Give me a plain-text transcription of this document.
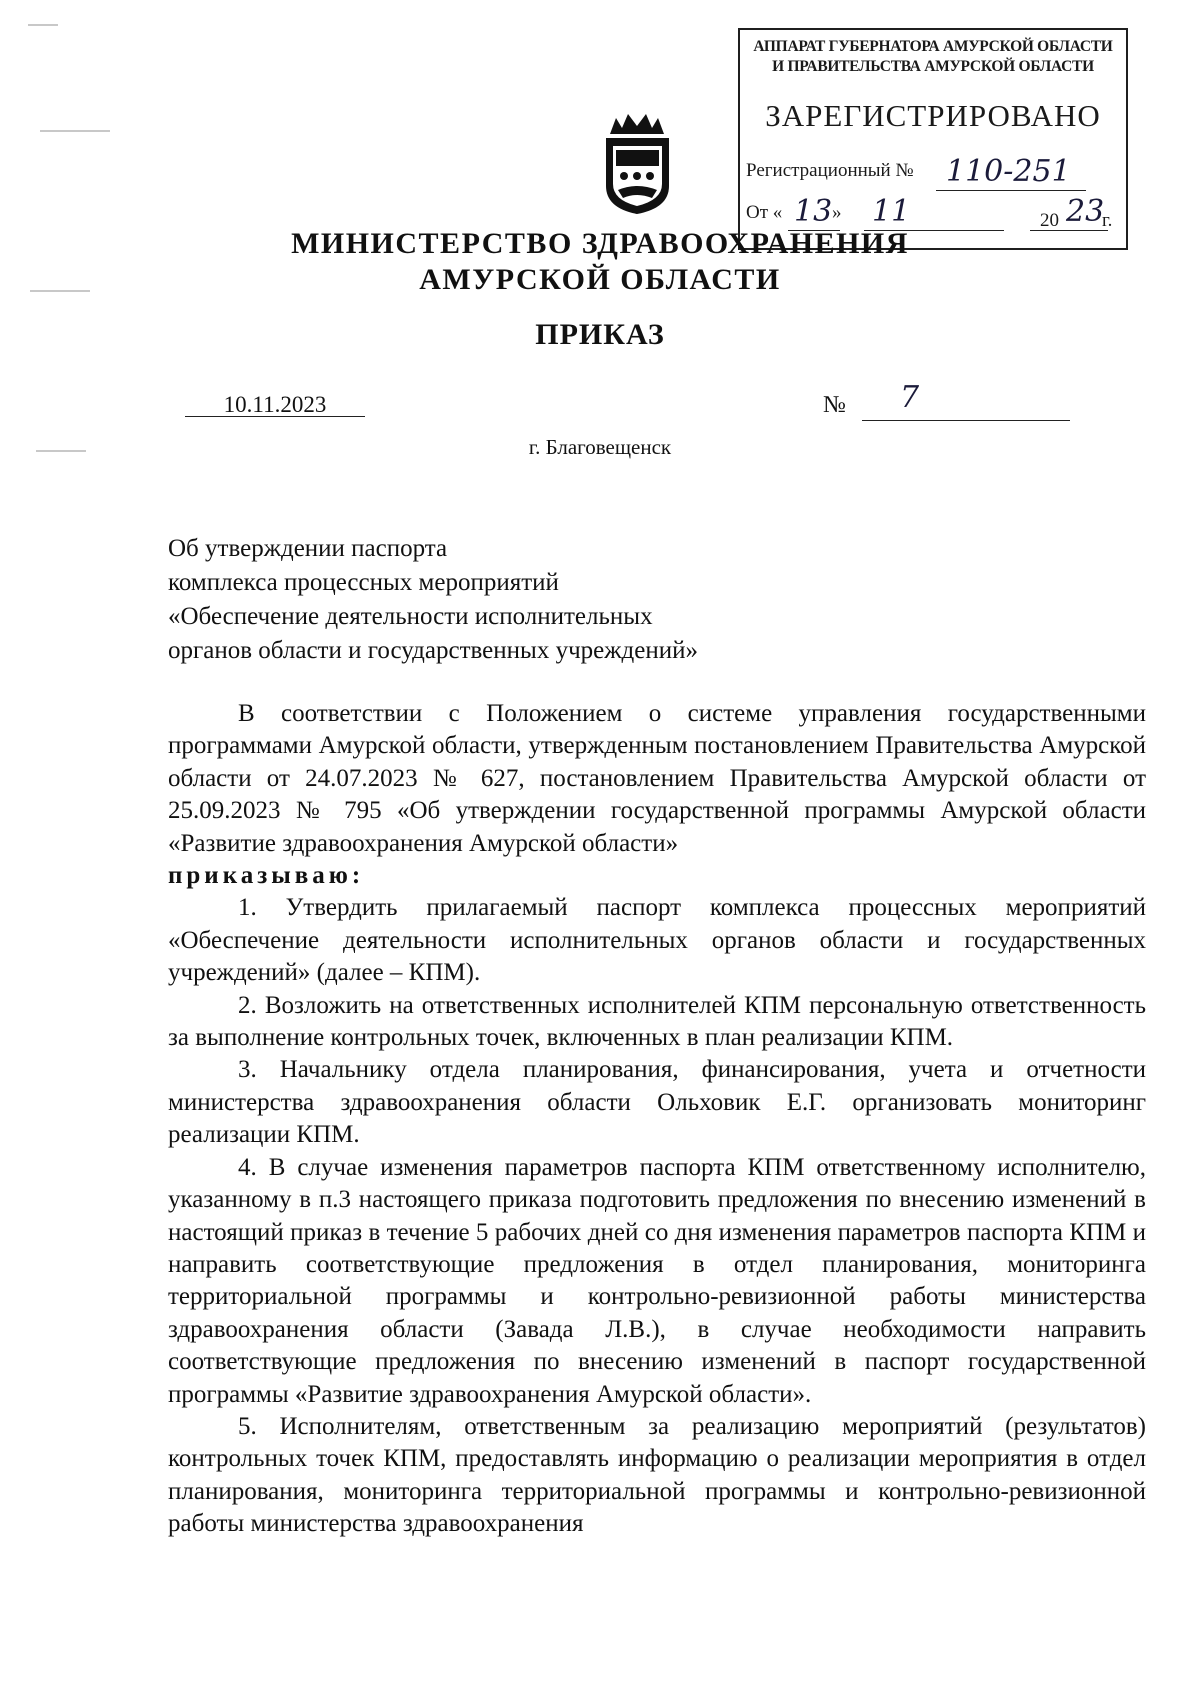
АППАРАТ ГУБЕРНАТОРА АМУРСКОЙ ОБЛАСТИ
И ПРАВИТЕЛЬСТВА АМУРСКОЙ ОБЛАСТИ
ЗАРЕГИСТРИРОВАНО
Регистрационный № 110-251
От « 13 » 11	20 23
г.
МИНИСТЕРСТВО ЗДРАВООХРАНЕНИЯ
АМУРСКОЙ ОБЛАСТИ
ПРИКАЗ
10.11.2023	№ 7
г. Благовещенск
Об утверждении паспорта
комплекса процессных мероприятий
«Обеспечение деятельности исполнительных
органов области и государственных учреждений»

В соответствии с Положением о системе управления государственными программами Амурской области, утвержденным постановлением Правительства Амурской области от 24.07.2023 № 627, постановлением Правительства Амурской области от 25.09.2023 № 795 «Об утверждении государственной программы Амурской области «Развитие здравоохранения Амурской области»

приказываю:

1. Утвердить прилагаемый паспорт комплекса процессных мероприятий «Обеспечение деятельности исполнительных органов области и государственных учреждений» (далее – КПМ).

2. Возложить на ответственных исполнителей КПМ персональную ответственность за выполнение контрольных точек, включенных в план реализации КПМ.

3. Начальнику отдела планирования, финансирования, учета и отчетности министерства здравоохранения области Ольховик Е.Г. организовать мониторинг реализации КПМ.

4. В случае изменения параметров паспорта КПМ ответственному исполнителю, указанному в п.3 настоящего приказа подготовить предложения по внесению изменений в настоящий приказ в течение 5 рабочих дней со дня изменения параметров паспорта КПМ и направить соответствующие предложения в отдел планирования, мониторинга территориальной программы и контрольно-ревизионной работы министерства здравоохранения области (Завада Л.В.), в случае необходимости направить соответствующие предложения по внесению изменений в паспорт государственной программы «Развитие здравоохранения Амурской области».

5. Исполнителям, ответственным за реализацию мероприятий (результатов) контрольных точек КПМ, предоставлять информацию о реализации мероприятия в отдел планирования, мониторинга территориальной программы и контрольно-ревизионной работы министерства здравоохранения
